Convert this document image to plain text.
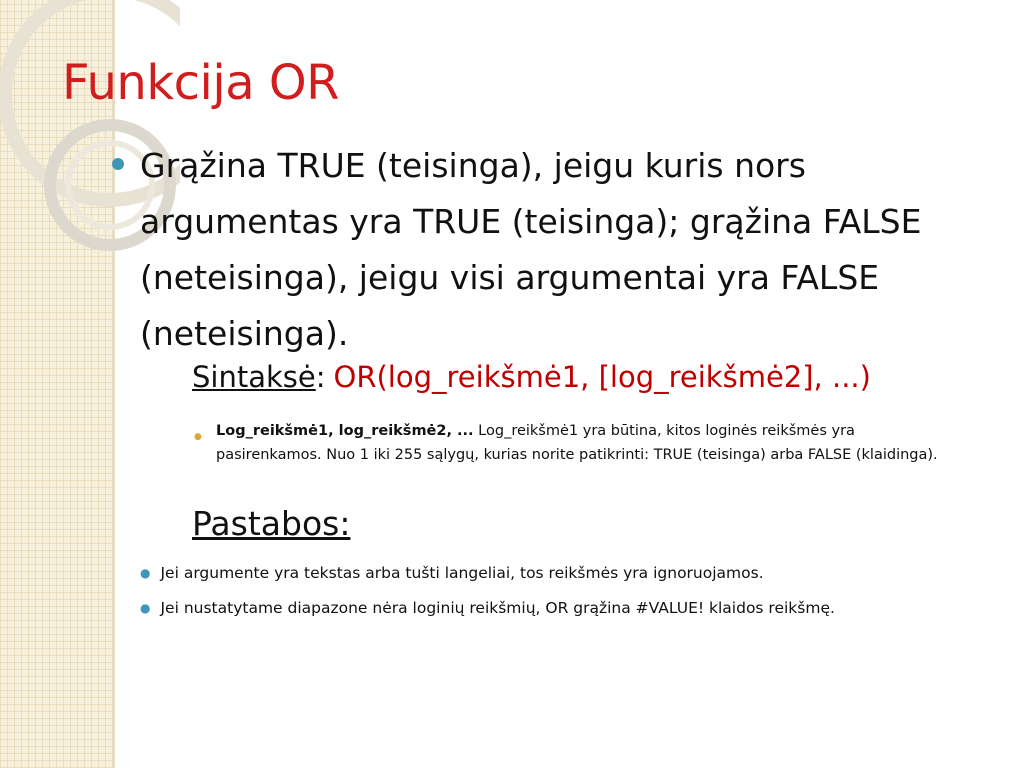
Funkcija OR
Grąžina TRUE (teisinga), jeigu kuris nors argumentas yra TRUE (teisinga); grąžina FALSE (neteisinga), jeigu visi argumentai yra FALSE (neteisinga).
Sintaksė: OR(log_reikšmė1, [log_reikšmė2], ...)
● Log_reikšmė1, log_reikšmė2, ... Log_reikšmė1 yra būtina, kitos loginės reikšmės yra pasirenkamos. Nuo 1 iki 255 sąlygų, kurias norite patikrinti: TRUE (teisinga) arba FALSE (klaidinga).
Pastabos:
● Jei argumente yra tekstas arba tušti langeliai, tos reikšmės yra ignoruojamos.
● Jei nustatytame diapazone nėra loginių reikšmių, OR grąžina #VALUE! klaidos reikšmę.
